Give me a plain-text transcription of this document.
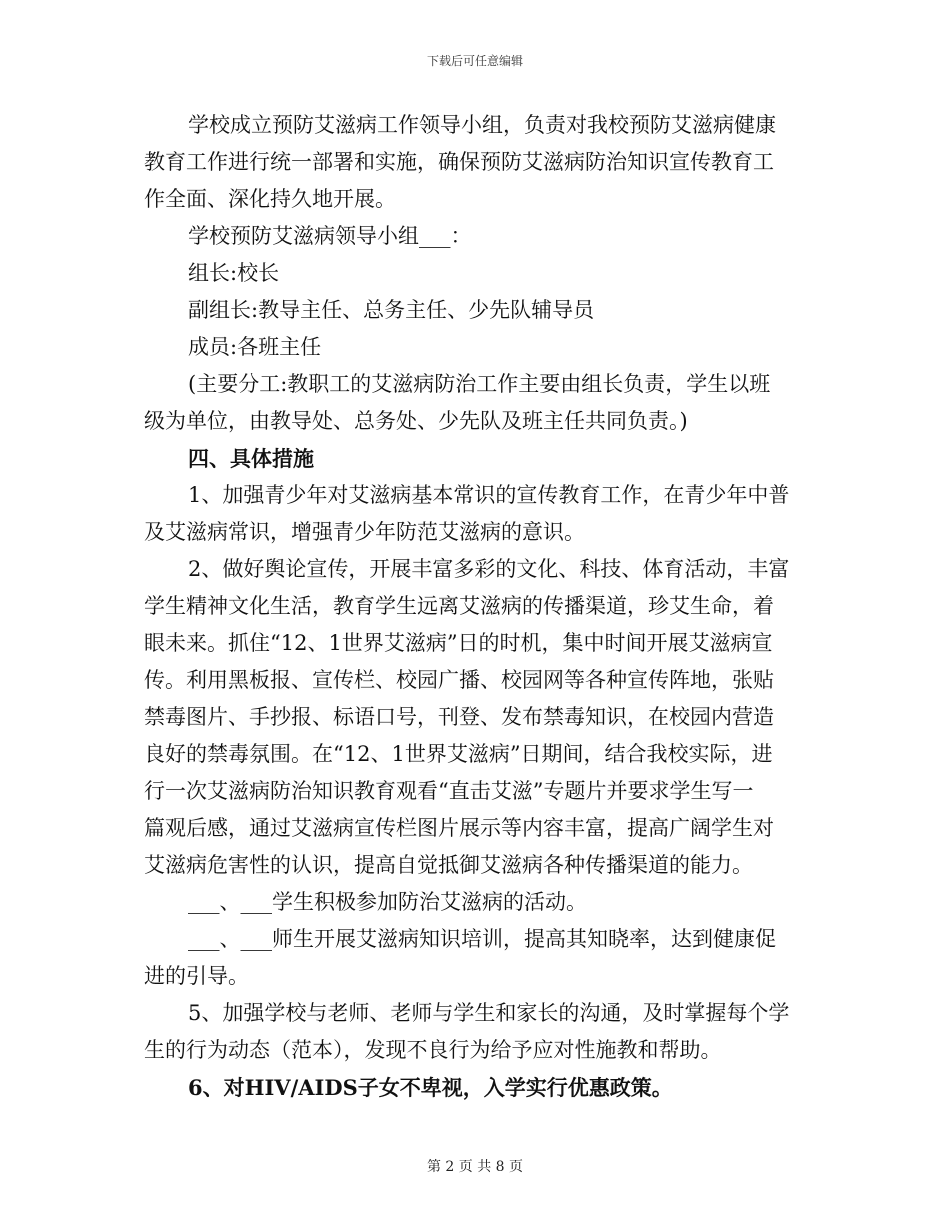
下载后可任意编辑
学校成立预防艾滋病工作领导小组，负责对我校预防艾滋病健康
教育工作进行统一部署和实施，确保预防艾滋病防治知识宣传教育工
作全面、深化持久地开展。
学校预防艾滋病领导小组___：
组长:校长
副组长:教导主任、总务主任、少先队辅导员
成员:各班主任
(主要分工:教职工的艾滋病防治工作主要由组长负责，学生以班
级为单位，由教导处、总务处、少先队及班主任共同负责。)
四、具体措施
1、加强青少年对艾滋病基本常识的宣传教育工作，在青少年中普
及艾滋病常识，增强青少年防范艾滋病的意识。
2、做好舆论宣传，开展丰富多彩的文化、科技、体育活动，丰富
学生精神文化生活，教育学生远离艾滋病的传播渠道，珍艾生命，着
眼未来。抓住“12、1世界艾滋病”日的时机，集中时间开展艾滋病宣
传。利用黑板报、宣传栏、校园广播、校园网等各种宣传阵地，张贴
禁毒图片、手抄报、标语口号，刊登、发布禁毒知识，在校园内营造
良好的禁毒氛围。在“12、1世界艾滋病”日期间，结合我校实际，进
行一次艾滋病防治知识教育观看“直击艾滋”专题片并要求学生写一
篇观后感，通过艾滋病宣传栏图片展示等内容丰富，提高广阔学生对
艾滋病危害性的认识，提高自觉抵御艾滋病各种传播渠道的能力。
___、___学生积极参加防治艾滋病的活动。
___、___师生开展艾滋病知识培训，提高其知晓率，达到健康促
进的引导。
5、加强学校与老师、老师与学生和家长的沟通，及时掌握每个学
生的行为动态（范本），发现不良行为给予应对性施教和帮助。
6、对HIV/AIDS子女不卑视，入学实行优惠政策。
第 2 页 共 8 页
